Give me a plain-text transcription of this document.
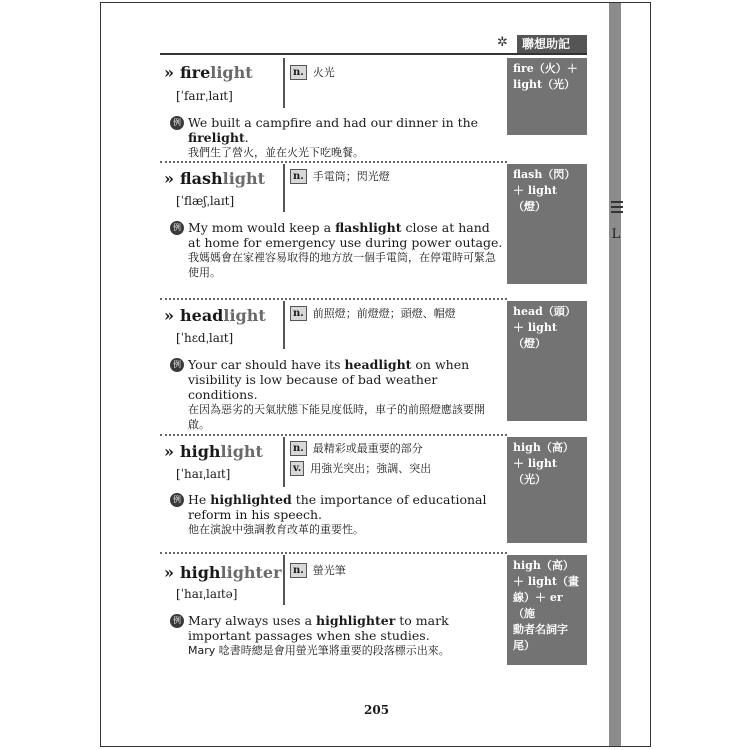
L
✲	聯想助記
» firelight
[ˈfaɪrˌlaɪt]
n. 火光	fire（火）＋
light（光）
例 We built a campfire and had our dinner in the firelight.
我們生了營火，並在火光下吃晚餐。
» flashlight
[ˈflæʃˌlaɪt]
n. 手電筒；閃光燈	flash（閃）
＋ light（燈）
例 My mom would keep a flashlight close at hand at home for emergency use during power outage.
我媽媽會在家裡容易取得的地方放一個手電筒，在停電時可緊急使用。
» headlight
[ˈhɛdˌlaɪt]
n. 前照燈；前燈燈；頭燈、帽燈	head（頭）
＋ light（燈）
例 Your car should have its headlight on when visibility is low because of bad weather conditions.
在因為惡劣的天氣狀態下能見度低時，車子的前照燈應該要開啟。
» highlight
[ˈhaɪˌlaɪt]
n. 最精彩或最重要的部分
v. 用強光突出；強調、突出
high（高）
＋ light（光）
例 He highlighted the importance of educational reform in his speech.
他在演說中強調教育改革的重要性。
» highlighter
[ˈhaɪˌlaɪtə]
n. 螢光筆	high（高）
＋ light（畫
線）＋ er（施
動者名詞字
尾）
例 Mary always uses a highlighter to mark important passages when she studies.
Mary 唸書時總是會用螢光筆將重要的段落標示出來。
205
